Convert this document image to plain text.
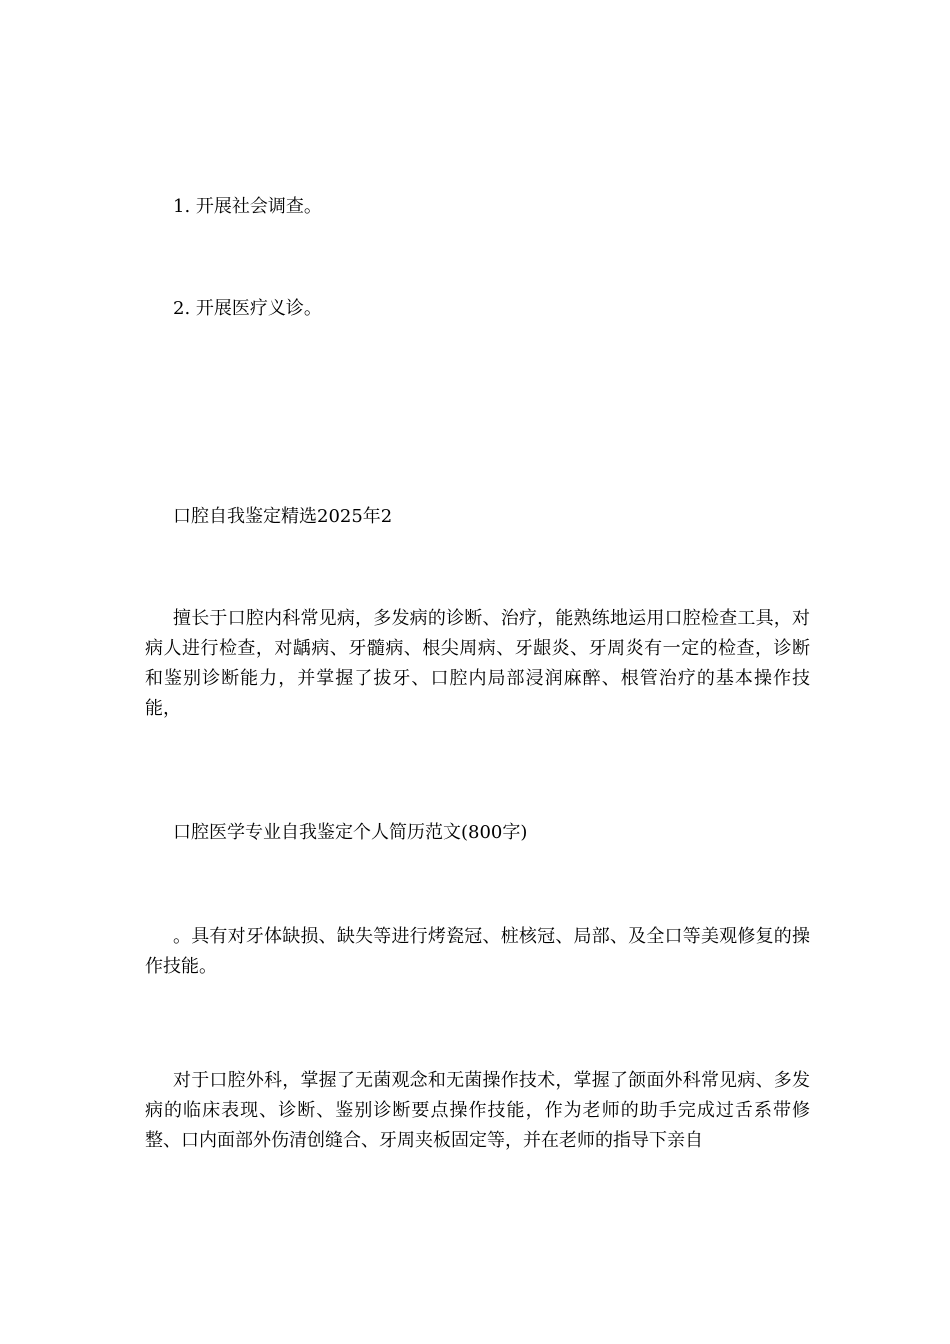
1. 开展社会调查。
2. 开展医疗义诊。
口腔自我鉴定精选2025年2
擅长于口腔内科常见病，多发病的诊断、治疗，能熟练地运用口腔检查工具，对病人进行检查，对龋病、牙髓病、根尖周病、牙龈炎、牙周炎有一定的检查，诊断和鉴别诊断能力，并掌握了拔牙、口腔内局部浸润麻醉、根管治疗的基本操作技能，
口腔医学专业自我鉴定个人简历范文(800字)
。具有对牙体缺损、缺失等进行烤瓷冠、桩核冠、局部、及全口等美观修复的操作技能。
对于口腔外科，掌握了无菌观念和无菌操作技术，掌握了颌面外科常见病、多发病的临床表现、诊断、鉴别诊断要点操作技能，作为老师的助手完成过舌系带修整、口内面部外伤清创缝合、牙周夹板固定等，并在老师的指导下亲自
